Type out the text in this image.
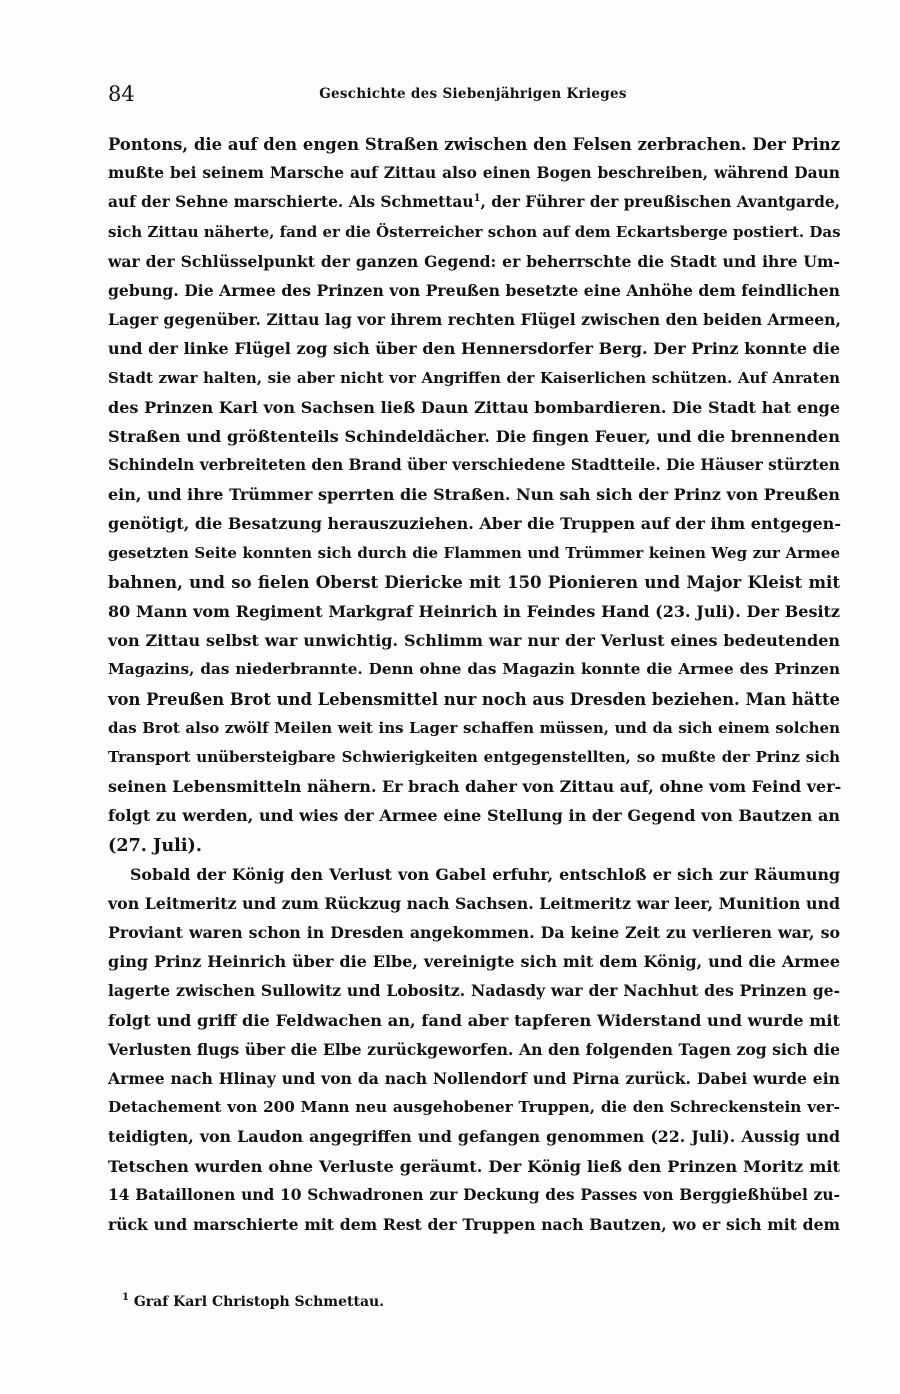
84	Geschichte des Siebenjährigen Krieges
Pontons, die auf den engen Straßen zwischen den Felsen zerbrachen. Der Prinz
mußte bei seinem Marsche auf Zittau also einen Bogen beschreiben, während Daun
auf der Sehne marschierte. Als Schmettau$^1$, der Führer der preußischen Avantgarde,
sich Zittau näherte, fand er die Österreicher schon auf dem Eckartsberge postiert. Das
war der Schlüsselpunkt der ganzen Gegend: er beherrschte die Stadt und ihre Um-
gebung. Die Armee des Prinzen von Preußen besetzte eine Anhöhe dem feindlichen
Lager gegenüber. Zittau lag vor ihrem rechten Flügel zwischen den beiden Armeen,
und der linke Flügel zog sich über den Hennersdorfer Berg. Der Prinz konnte die
Stadt zwar halten, sie aber nicht vor Angriffen der Kaiserlichen schützen. Auf Anraten
des Prinzen Karl von Sachsen ließ Daun Zittau bombardieren. Die Stadt hat enge
Straßen und größtenteils Schindeldächer. Die fingen Feuer, und die brennenden
Schindeln verbreiteten den Brand über verschiedene Stadtteile. Die Häuser stürzten
ein, und ihre Trümmer sperrten die Straßen. Nun sah sich der Prinz von Preußen
genötigt, die Besatzung herauszuziehen. Aber die Truppen auf der ihm entgegen-
gesetzten Seite konnten sich durch die Flammen und Trümmer keinen Weg zur Armee
bahnen, und so fielen Oberst Diericke mit 150 Pionieren und Major Kleist mit
80 Mann vom Regiment Markgraf Heinrich in Feindes Hand (23. Juli). Der Besitz
von Zittau selbst war unwichtig. Schlimm war nur der Verlust eines bedeutenden
Magazins, das niederbrannte. Denn ohne das Magazin konnte die Armee des Prinzen
von Preußen Brot und Lebensmittel nur noch aus Dresden beziehen. Man hätte
das Brot also zwölf Meilen weit ins Lager schaffen müssen, und da sich einem solchen
Transport unübersteigbare Schwierigkeiten entgegenstellten, so mußte der Prinz sich
seinen Lebensmitteln nähern. Er brach daher von Zittau auf, ohne vom Feind ver-
folgt zu werden, und wies der Armee eine Stellung in der Gegend von Bautzen an
(27. Juli).
Sobald der König den Verlust von Gabel erfuhr, entschloß er sich zur Räumung
von Leitmeritz und zum Rückzug nach Sachsen. Leitmeritz war leer, Munition und
Proviant waren schon in Dresden angekommen. Da keine Zeit zu verlieren war, so
ging Prinz Heinrich über die Elbe, vereinigte sich mit dem König, und die Armee
lagerte zwischen Sullowitz und Lobositz. Nadasdy war der Nachhut des Prinzen ge-
folgt und griff die Feldwachen an, fand aber tapferen Widerstand und wurde mit
Verlusten flugs über die Elbe zurückgeworfen. An den folgenden Tagen zog sich die
Armee nach Hlinay und von da nach Nollendorf und Pirna zurück. Dabei wurde ein
Detachement von 200 Mann neu ausgehobener Truppen, die den Schreckenstein ver-
teidigten, von Laudon angegriffen und gefangen genommen (22. Juli). Aussig und
Tetschen wurden ohne Verluste geräumt. Der König ließ den Prinzen Moritz mit
14 Bataillonen und 10 Schwadronen zur Deckung des Passes von Berggießhübel zu-
rück und marschierte mit dem Rest der Truppen nach Bautzen, wo er sich mit dem
$^1$ Graf Karl Christoph Schmettau.
